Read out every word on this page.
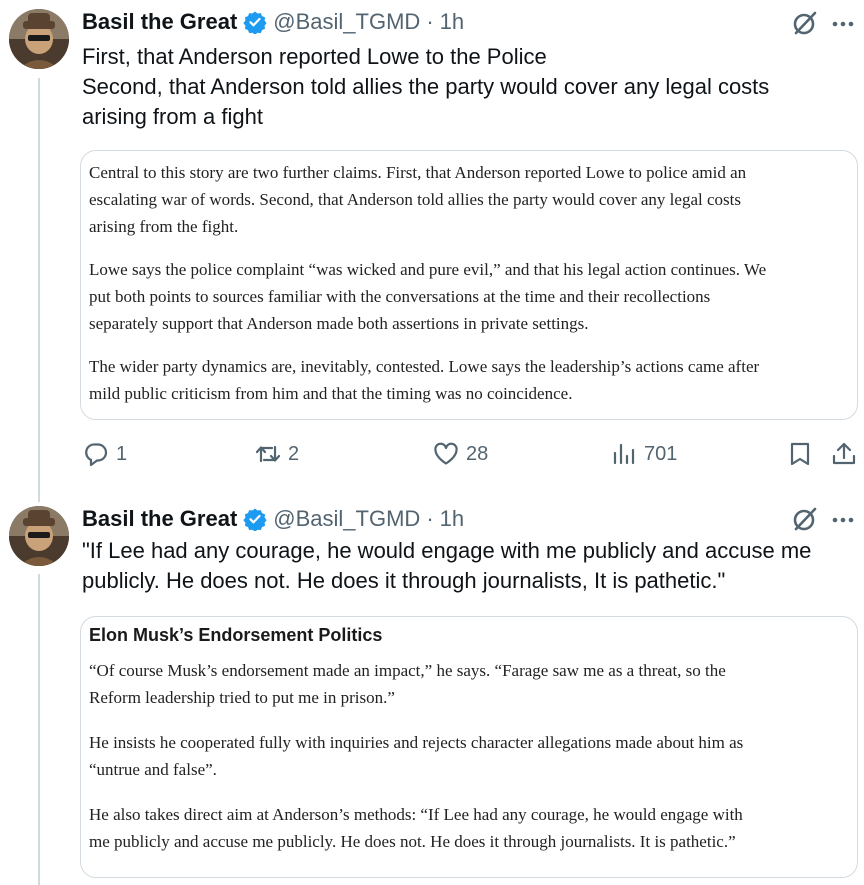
Basil the Great @Basil_TGMD · 1h
First, that Anderson reported Lowe to the Police
Second, that Anderson told allies the party would cover any legal costs
arising from a fight
Central to this story are two further claims. First, that Anderson reported Lowe to police amid an
escalating war of words. Second, that Anderson told allies the party would cover any legal costs
arising from the fight.
Lowe says the police complaint “was wicked and pure evil,” and that his legal action continues. We
put both points to sources familiar with the conversations at the time and their recollections
separately support that Anderson made both assertions in private settings.
The wider party dynamics are, inevitably, contested. Lowe says the leadership’s actions came after
mild public criticism from him and that the timing was no coincidence.
1	2	28	701
Basil the Great @Basil_TGMD · 1h
"If Lee had any courage, he would engage with me publicly and accuse me
publicly. He does not. He does it through journalists, It is pathetic."
Elon Musk’s Endorsement Politics
“Of course Musk’s endorsement made an impact,” he says. “Farage saw me as a threat, so the
Reform leadership tried to put me in prison.”
He insists he cooperated fully with inquiries and rejects character allegations made about him as
“untrue and false”.
He also takes direct aim at Anderson’s methods: “If Lee had any courage, he would engage with
me publicly and accuse me publicly. He does not. He does it through journalists. It is pathetic.”
